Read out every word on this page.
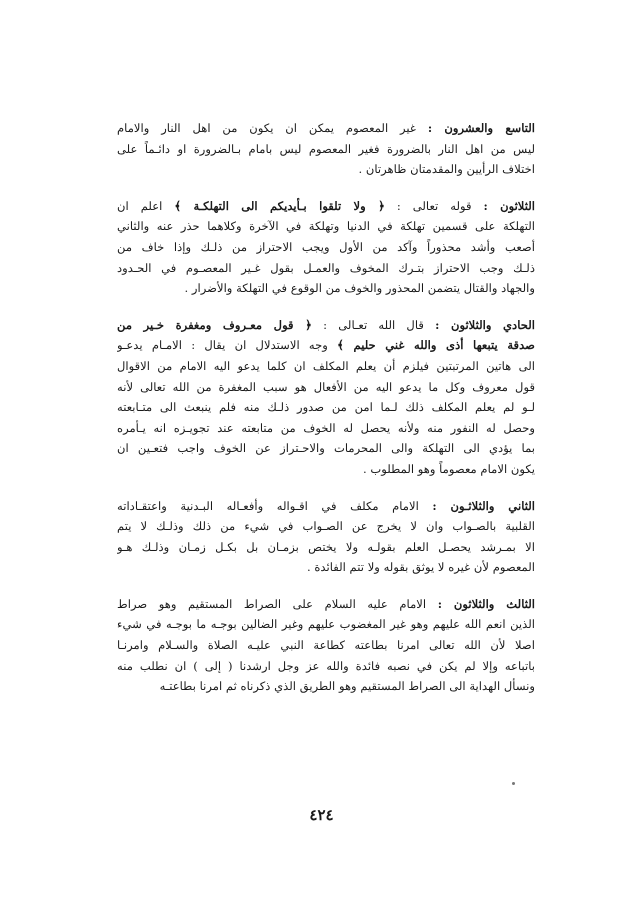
التاسع والعشرون : غير المعصوم يمكن ان يكون من اهل النار والامام
ليس من اهل النار بالضرورة فغير المعصوم ليس بامام بـالضرورة او دائـماً على
اختلاف الرأيين والمقدمتان ظاهرتان .
الثلاثون : قوله تعالى : ﴿ ولا تلقوا بـأيديكم الى التهلكـة ﴾ اعلم ان
التهلكة على قسمين تهلكة في الدنيا وتهلكة في الآخرة وكلاهما حذر عنه والثاني
أصعب وأشد محذوراً وآكد من الأول ويجب الاحتراز من ذلـك وإذا خاف من
ذلـك وجب الاحتراز بتـرك المخوف والعمـل بقول غـير المعصـوم في الحـدود
والجهاد والقتال يتضمن المحذور والخوف من الوقوع في التهلكة والأضرار .
الحادي والثلاثون : قال الله تعـالى : ﴿ قول معـروف ومغفرة خـير من
صدقة يتبعها أذى والله غني حليم ﴾ وجه الاستدلال ان يقال : الامـام يدعـو
الى هاتين المرتبتين فيلزم أن يعلم المكلف ان كلما يدعو اليه الامام من الاقوال
قول معروف وكل ما يدعو اليه من الأفعال هو سبب المغفرة من الله تعالى لأنه
لـو لم يعلم المكلف ذلك لـما امن من صدور ذلـك منه فلم ينبعث الى متـابعته
وحصل له النفور منه ولأنه يحصل له الخوف من متابعته عند تجويـزه انه يـأمره
بما يؤدي الى التهلكة والى المحرمات والاحـتراز عن الخوف واجب فتعـين ان
يكون الامام معصوماً وهو المطلوب .
الثاني والثلاثـون : الامام مكلف في اقـواله وأفعـاله البـدنية واعتقـاداته
القلبية بالصـواب وان لا يخرج عن الصـواب في شيء من ذلك وذلـك لا يتم
الا بمـرشد يحصـل العلم بقولـه ولا يختص بزمـان بل بكـل زمـان وذلـك هـو
المعصوم لأن غيره لا يوثق بقوله ولا تتم الفائدة .
الثالث والثلاثون : الامام عليه السلام على الصراط المستقيم وهو صراط
الذين انعم الله عليهم وهو غير المغضوب عليهم وغير الضالين بوجـه ما بوجـه في شيء
اصلا لأن الله تعالى امرنا بطاعته كطاعة النبي عليـه الصلاة والسـلام وامرنـا
باتباعه وإلا لم يكن في نصبه فائدة والله عز وجل ارشدنا ( إلى ) ان نطلب منه
ونسأل الهداية الى الصراط المستقيم وهو الطريق الذي ذكرناه ثم امرنا بطاعتـه
٤٢٤
